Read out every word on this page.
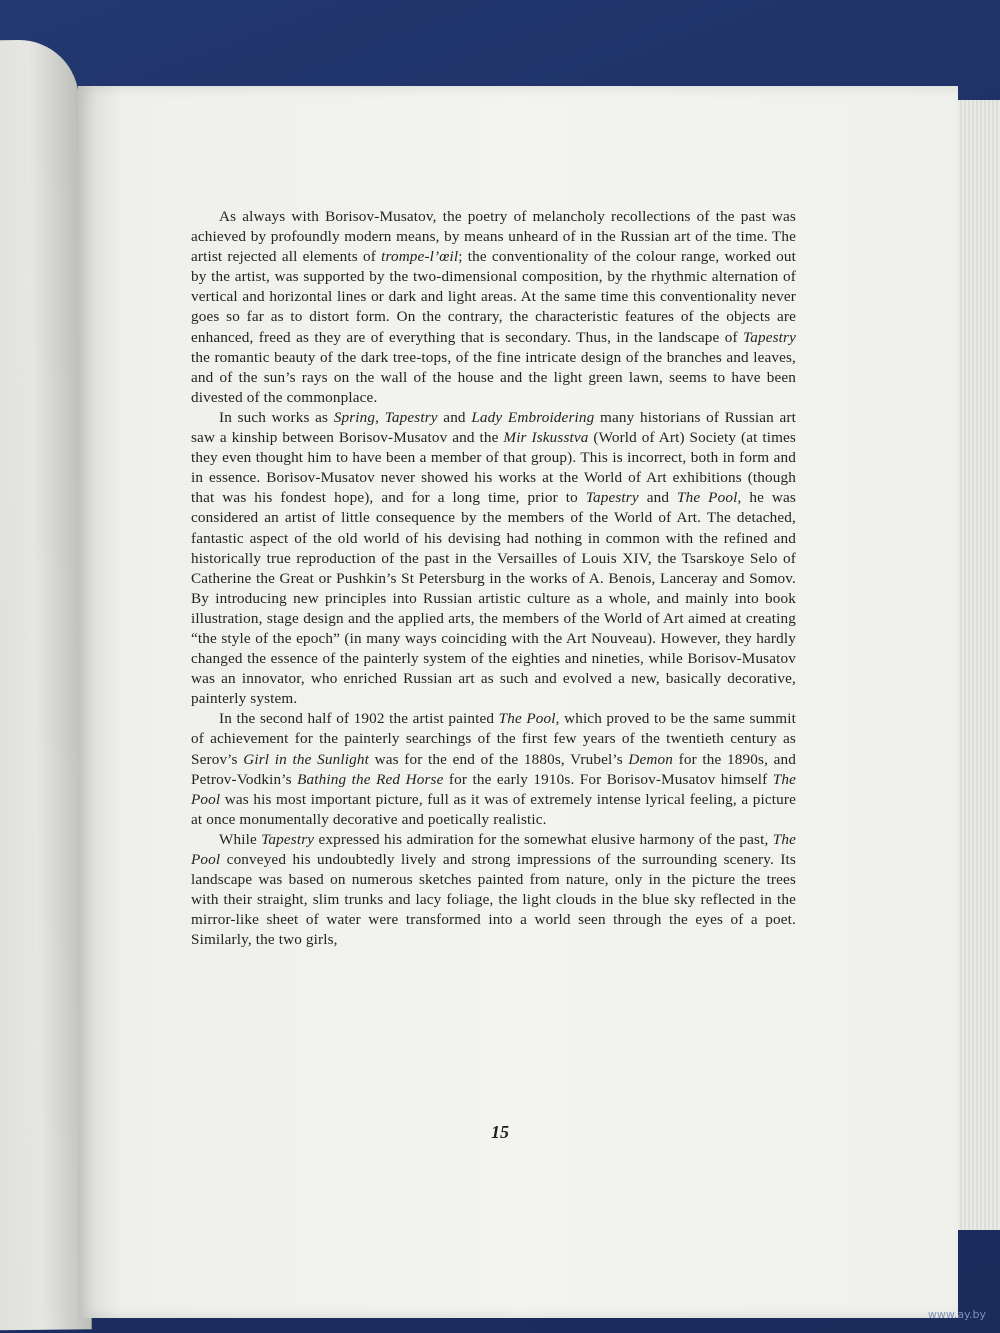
As always with Borisov-Musatov, the poetry of melancholy recollections of the past was achieved by profoundly modern means, by means unheard of in the Russian art of the time. The artist rejected all elements of trompe-l’œil; the conventionality of the colour range, worked out by the artist, was supported by the two-dimensional composition, by the rhythmic alternation of vertical and horizontal lines or dark and light areas. At the same time this conventionality never goes so far as to distort form. On the contrary, the characteristic features of the objects are enhanced, freed as they are of everything that is secondary. Thus, in the landscape of Tapestry the romantic beauty of the dark tree-tops, of the fine intricate design of the branches and leaves, and of the sun’s rays on the wall of the house and the light green lawn, seems to have been divested of the commonplace.

In such works as Spring, Tapestry and Lady Embroidering many historians of Russian art saw a kinship between Borisov-Musatov and the Mir Iskusstva (World of Art) Society (at times they even thought him to have been a member of that group). This is incorrect, both in form and in essence. Borisov-Musatov never showed his works at the World of Art exhibitions (though that was his fondest hope), and for a long time, prior to Tapestry and The Pool, he was considered an artist of little consequence by the members of the World of Art. The detached, fantastic aspect of the old world of his devising had nothing in common with the refined and historically true reproduction of the past in the Versailles of Louis XIV, the Tsarskoye Selo of Catherine the Great or Pushkin’s St Petersburg in the works of A. Benois, Lanceray and Somov. By introducing new principles into Russian artistic culture as a whole, and mainly into book illustration, stage design and the applied arts, the members of the World of Art aimed at creating “the style of the epoch” (in many ways coinciding with the Art Nouveau). However, they hardly changed the essence of the painterly system of the eighties and nineties, while Borisov-Musatov was an innovator, who enriched Russian art as such and evolved a new, basically decorative, painterly system.

In the second half of 1902 the artist painted The Pool, which proved to be the same summit of achievement for the painterly searchings of the first few years of the twentieth century as Serov’s Girl in the Sunlight was for the end of the 1880s, Vrubel’s Demon for the 1890s, and Petrov-Vodkin’s Bathing the Red Horse for the early 1910s. For Borisov-Musatov himself The Pool was his most important picture, full as it was of extremely intense lyrical feeling, a picture at once monumentally decorative and poetically realistic.

While Tapestry expressed his admiration for the somewhat elusive harmony of the past, The Pool conveyed his undoubtedly lively and strong impressions of the surrounding scenery. Its landscape was based on numerous sketches painted from nature, only in the picture the trees with their straight, slim trunks and lacy foliage, the light clouds in the blue sky reflected in the mirror-like sheet of water were transformed into a world seen through the eyes of a poet. Similarly, the two girls,

15
www.ay.by
